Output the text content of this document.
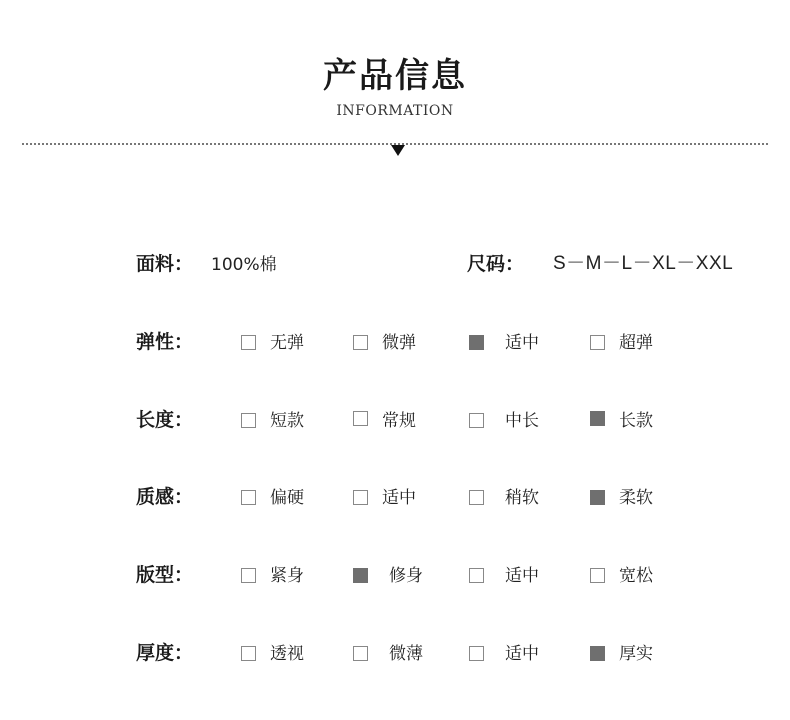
产品信息
INFORMATION
面料： 100%棉	尺码： S－M－L－XL－XXL
弹性：	无弹	微弹	适中	超弹
长度：	短款	常规	中长	长款
质感：	偏硬	适中	稍软	柔软
版型：	紧身	修身	适中	宽松
厚度：	透视	微薄	适中	厚实
